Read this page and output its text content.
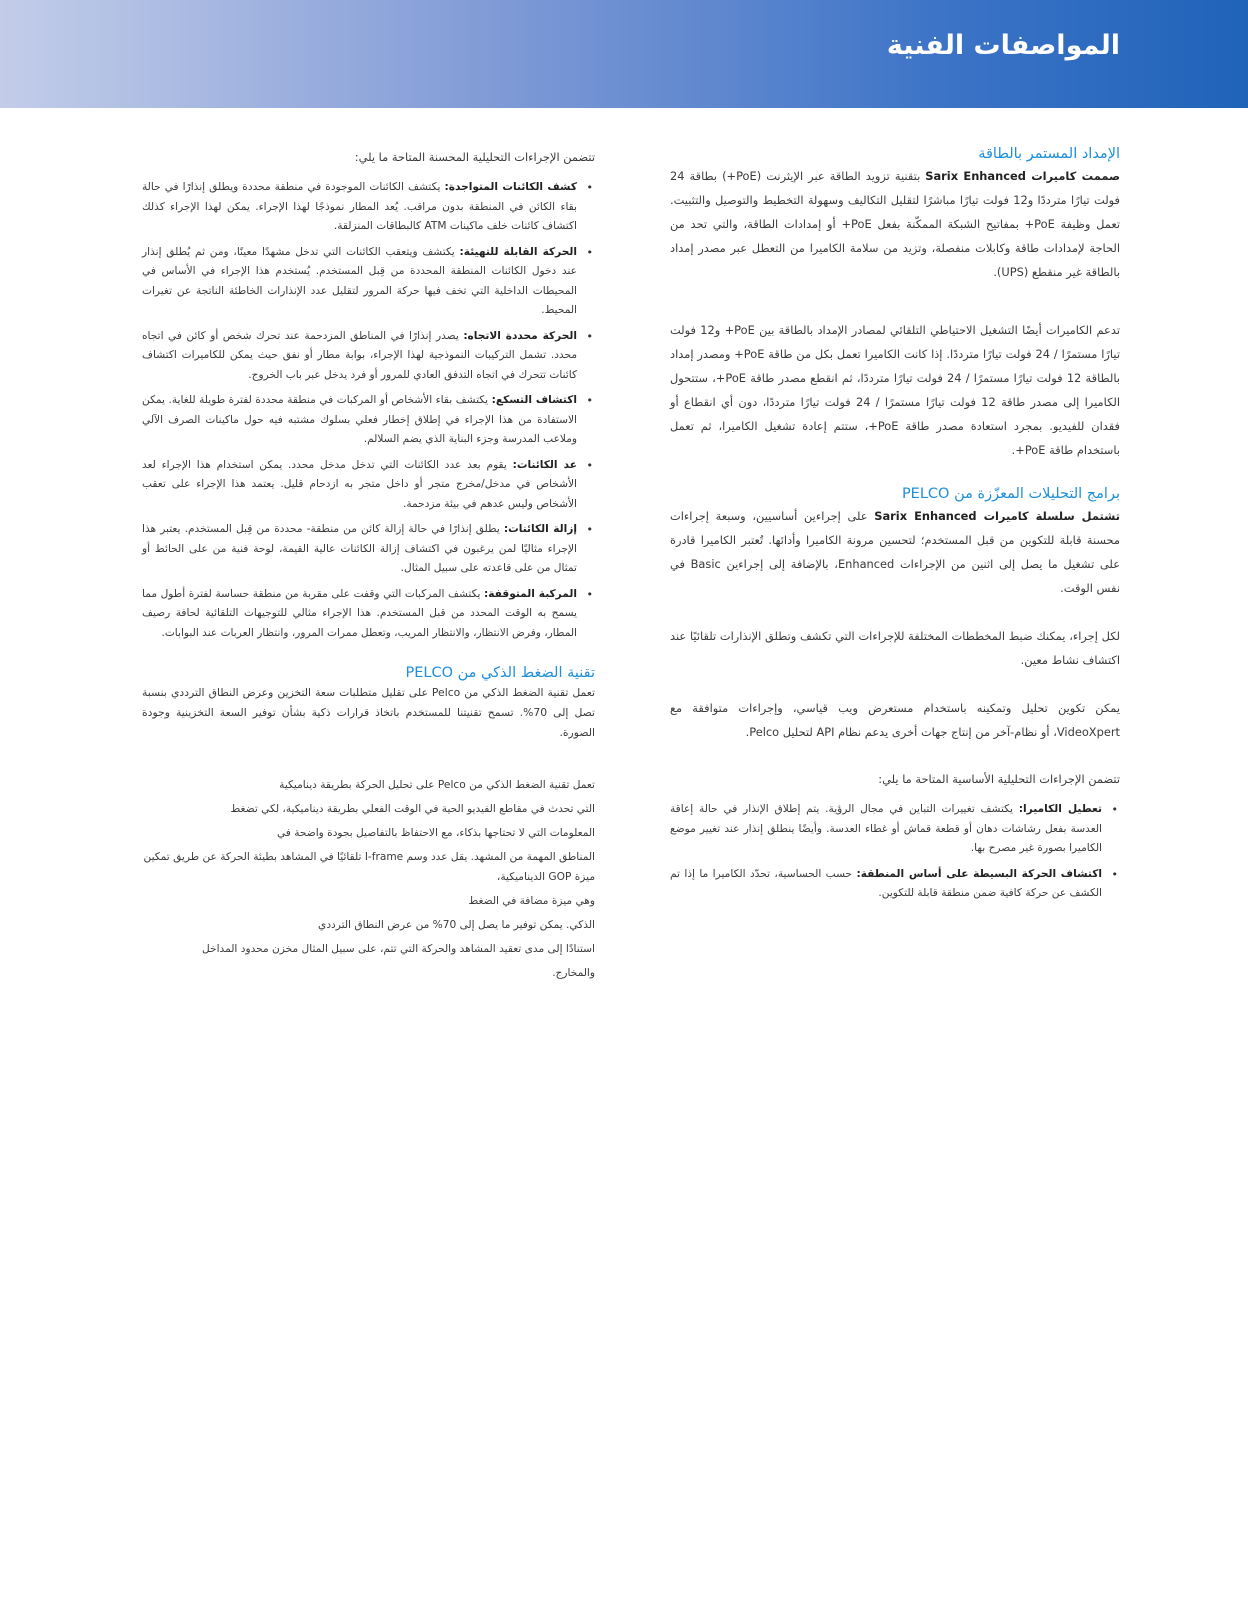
المواصفات الفنية
الإمداد المستمر بالطاقة

صممت كاميرات Sarix Enhanced بتقنية تزويد الطاقة عبر الإيثرنت (PoE+) بطاقة 24 فولت تيارًا مترددًا و12 فولت تيارًا مباشرًا لتقليل التكاليف وسهولة التخطيط والتوصيل والتثبيت. تعمل وظيفة PoE+ بمفاتيح الشبكة الممكّنة بفعل PoE+ أو إمدادات الطاقة، والتي تحد من الحاجة لإمدادات طاقة وكابلات منفصلة، وتزيد من سلامة الكاميرا من التعطل عبر مصدر إمداد بالطاقة غير منقطع (UPS).

تدعم الكاميرات أيضًا التشغيل الاحتياطي التلقائي لمصادر الإمداد بالطاقة بين PoE+ و12 فولت تيارًا مستمرًا / 24 فولت تيارًا مترددًا. إذا كانت الكاميرا تعمل بكل من طاقة PoE+ ومصدر إمداد بالطاقة 12 فولت تيارًا مستمرًا / 24 فولت تيارًا مترددًا، ثم انقطع مصدر طاقة PoE+، ستتحول الكاميرا إلى مصدر طاقة 12 فولت تيارًا مستمرًا / 24 فولت تيارًا مترددًا، دون أي انقطاع أو فقدان للفيديو. بمجرد استعادة مصدر طاقة PoE+، ستتم إعادة تشغيل الكاميرا، ثم تعمل باستخدام طاقة PoE+.

برامج التحليلات المعزّزة من PELCO

تشتمل سلسلة كاميرات Sarix Enhanced على إجراءين أساسيين، وسبعة إجراءات محسنة قابلة للتكوين من قبل المستخدم؛ لتحسين مرونة الكاميرا وأدائها. تُعتبر الكاميرا قادرة على تشغيل ما يصل إلى اثنين من الإجراءات Enhanced، بالإضافة إلى إجراءين Basic في نفس الوقت.

لكل إجراء، يمكنك ضبط المخططات المختلفة للإجراءات التي تكشف وتطلق الإنذارات تلقائيًا عند اكتشاف نشاط معين.

يمكن تكوين تحليل وتمكينه باستخدام مستعرض ويب قياسي، وإجراءات متوافقة مع VideoXpert، أو نظام-آخر من إنتاج جهات أخرى يدعم نظام API لتحليل Pelco.

تتضمن الإجراءات التحليلية الأساسية المتاحة ما يلي:

• تعطيل الكاميرا: يكتشف تغييرات التباين في مجال الرؤية. يتم إطلاق الإنذار في حالة إعاقة العدسة بفعل رشاشات دهان أو قطعة قماش أو غطاء العدسة. وأيضًا ينطلق إنذار عند تغيير موضع الكاميرا بصورة غير مصرح بها.
• اكتشاف الحركة البسيطة على أساس المنطقة: حسب الحساسية، تحدّد الكاميرا ما إذا تم الكشف عن حركة كافية ضمن منطقة قابلة للتكوين.

تتضمن الإجراءات التحليلية المحسنة المتاحة ما يلي:

• كشف الكائنات المتواجدة: يكتشف الكائنات الموجودة في منطقة محددة ويطلق إنذارًا في حالة بقاء الكائن في المنطقة بدون مراقب. يُعد المطار نموذجًا لهذا الإجراء. يمكن لهذا الإجراء كذلك اكتشاف كائنات خلف ماكينات ATM كالبطاقات المنزلقة.
• الحركة القابلة للتهيئة: يكتشف ويتعقب الكائنات التي تدخل مشهدًا معينًا، ومن ثم يُطلق إنذار عند دخول الكائنات المنطقة المحددة من قِبل المستخدم. يُستخدم هذا الإجراء في الأساس في المحيطات الداخلية التي تخف فيها حركة المرور لتقليل عدد الإنذارات الخاطئة الناتجة عن تغيرات المحيط.
• الحركة محددة الاتجاه: يصدر إنذارًا في المناطق المزدحمة عند تحرك شخص أو كائن في اتجاه محدد. تشمل التركيبات النموذجية لهذا الإجراء، بوابة مطار أو نفق حيث يمكن للكاميرات اكتشاف كائنات تتحرك في اتجاه التدفق العادي للمرور أو فرد يدخل عبر باب الخروج.
• اكتشاف التسكع: يكتشف بقاء الأشخاص أو المركبات في منطقة محددة لفترة طويلة للغاية. يمكن الاستفادة من هذا الإجراء في إطلاق إخطار فعلي بسلوك مشتبه فيه حول ماكينات الصرف الآلي وملاعب المدرسة وجزء البناية الذي يضم السلالم.
• عد الكائنات: يقوم بعد عدد الكائنات التي تدخل مدخل محدد. يمكن استخدام هذا الإجراء لعد الأشخاص في مدخل/مخرج متجر أو داخل متجر به ازدحام قليل. يعتمد هذا الإجراء على تعقب الأشخاص وليس عدهم في بيئة مزدحمة.
• إزالة الكائنات: يطلق إنذارًا في حالة إزالة كائن من منطقة- محددة من قِبل المستخدم. يعتبر هذا الإجراء مثاليًا لمن يرغبون في اكتشاف إزالة الكائنات عالية القيمة، لوحة فنية من على الحائط أو تمثال من على قاعدته على سبيل المثال.
• المركبة المتوقفة: يكتشف المركبات التي وقفت على مقربة من منطقة حساسة لفترة أطول مما يسمح به الوقت المحدد من قبل المستخدم. هذا الإجراء مثالي للتوجيهات التلقائية لحافة رصيف المطار، وفرض الانتظار، والانتظار المريب، وتعطل ممرات المرور، وانتظار العربات عند البوابات.
تقنية الضغط الذكي من PELCO

تعمل تقنية الضغط الذكي من Pelco على تقليل متطلبات سعة التخزين وعرض النطاق الترددي بنسبة تصل إلى 70%. تسمح تقنيتنا للمستخدم باتخاذ قرارات ذكية بشأن توفير السعة التخزينية وجودة الصورة.

تعمل تقنية الضغط الذكي من Pelco على تحليل الحركة بطريقة ديناميكية

التي تحدث في مقاطع الفيديو الحية في الوقت الفعلي بطريقة ديناميكية، لكي تضغط

المعلومات التي لا تحتاجها بذكاء، مع الاحتفاظ بالتفاصيل بجودة واضحة في

المناطق المهمة من المشهد. يقل عدد وسم I-frame تلقائيًا في المشاهد بطيئة الحركة عن طريق تمكين ميزة GOP الديناميكية،

وهي ميزة مضافة في الضغط

الذكي. يمكن توفير ما يصل إلى 70% من عرض النطاق الترددي

استنادًا إلى مدى تعقيد المشاهد والحركة التي تتم، على سبيل المثال مخزن محدود المداخل

والمخارج.
